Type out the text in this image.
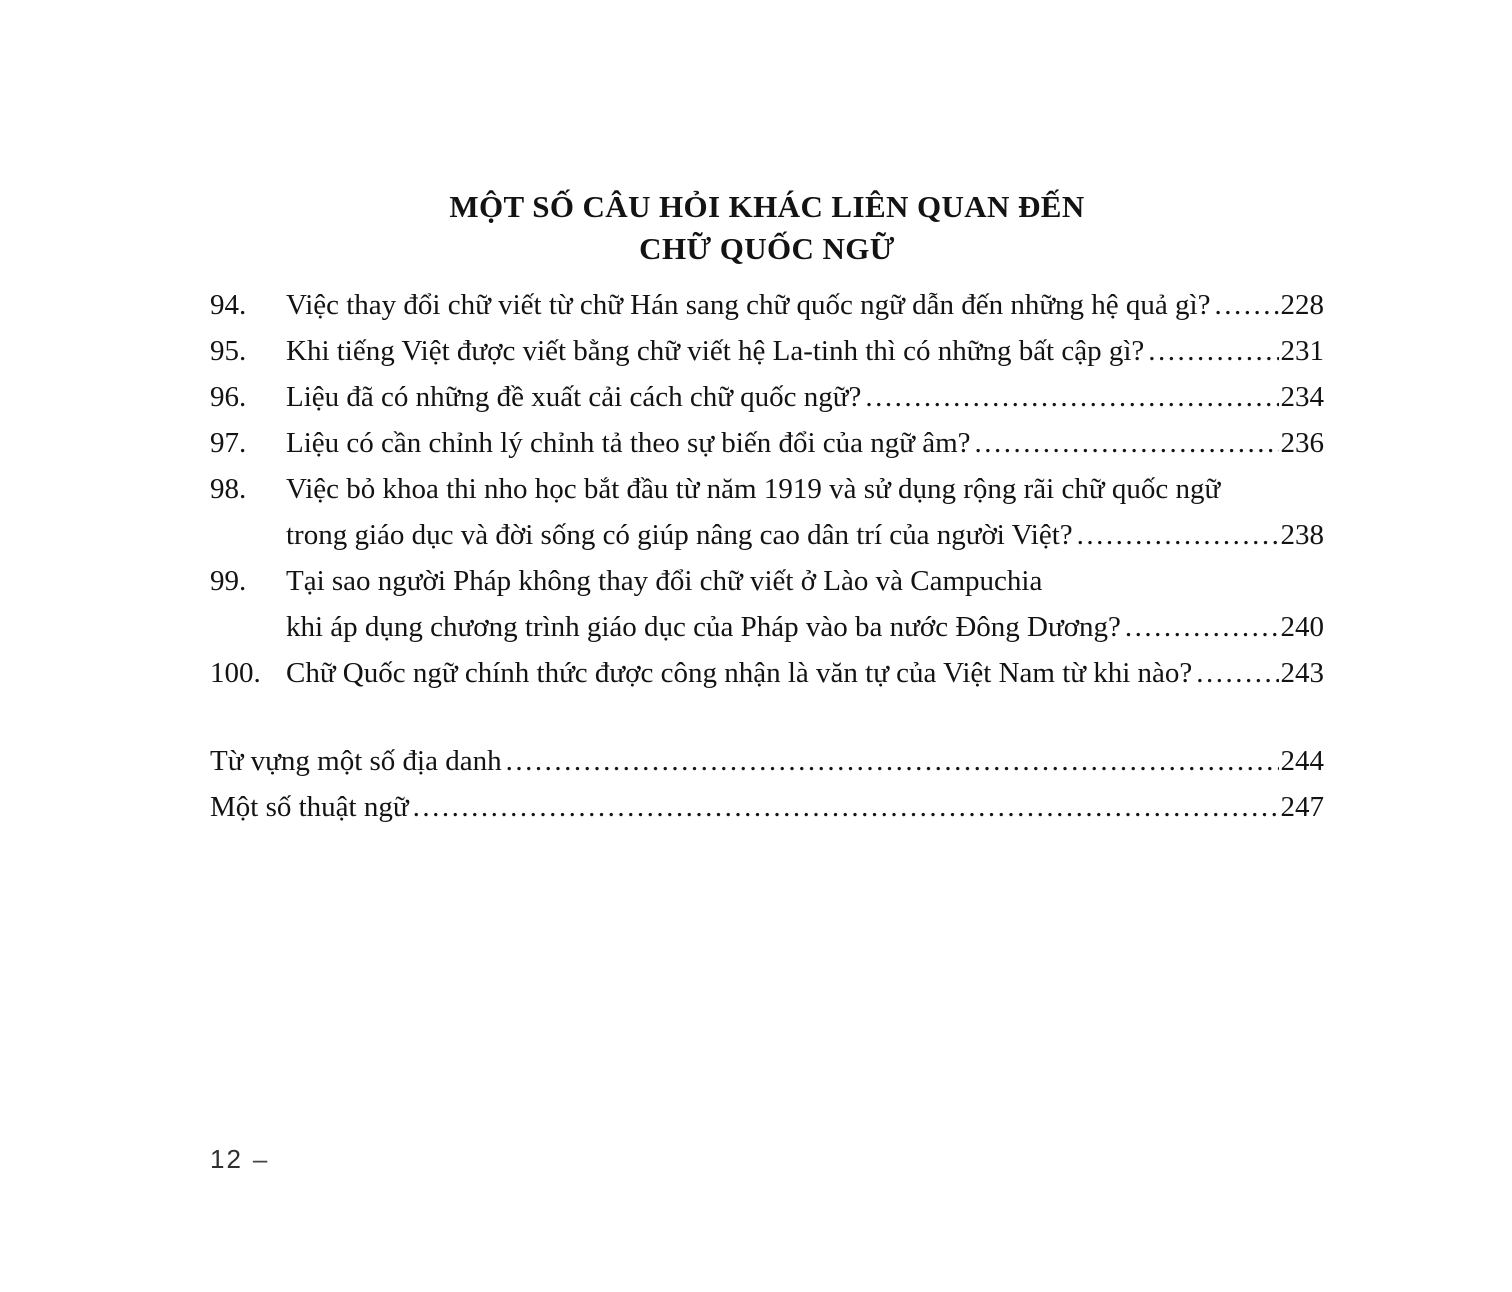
MỘT SỐ CÂU HỎI KHÁC LIÊN QUAN ĐẾN
CHỮ QUỐC NGỮ
94.	Việc thay đổi chữ viết từ chữ Hán sang chữ quốc ngữ dẫn đến những hệ quả gì? ..... 228
95.	Khi tiếng Việt được viết bằng chữ viết hệ La-tinh thì có những bất cập gì? .....	231
96.	Liệu đã có những đề xuất cải cách chữ quốc ngữ? .....	234
97.	Liệu có cần chỉnh lý chỉnh tả theo sự biến đổi của ngữ âm? .....	236
98.	Việc bỏ khoa thi nho học bắt đầu từ năm 1919 và sử dụng rộng rãi chữ quốc ngữ
trong giáo dục và đời sống có giúp nâng cao dân trí của người Việt? .....	238
99.	Tại sao người Pháp không thay đổi chữ viết ở Lào và Campuchia
khi áp dụng chương trình giáo dục của Pháp vào ba nước Đông Dương? .....	240
100. Chữ Quốc ngữ chính thức được công nhận là văn tự của Việt Nam từ khi nào? .....	243
Từ vựng một số địa danh .....	244
Một số thuật ngữ .....	247
12 –
